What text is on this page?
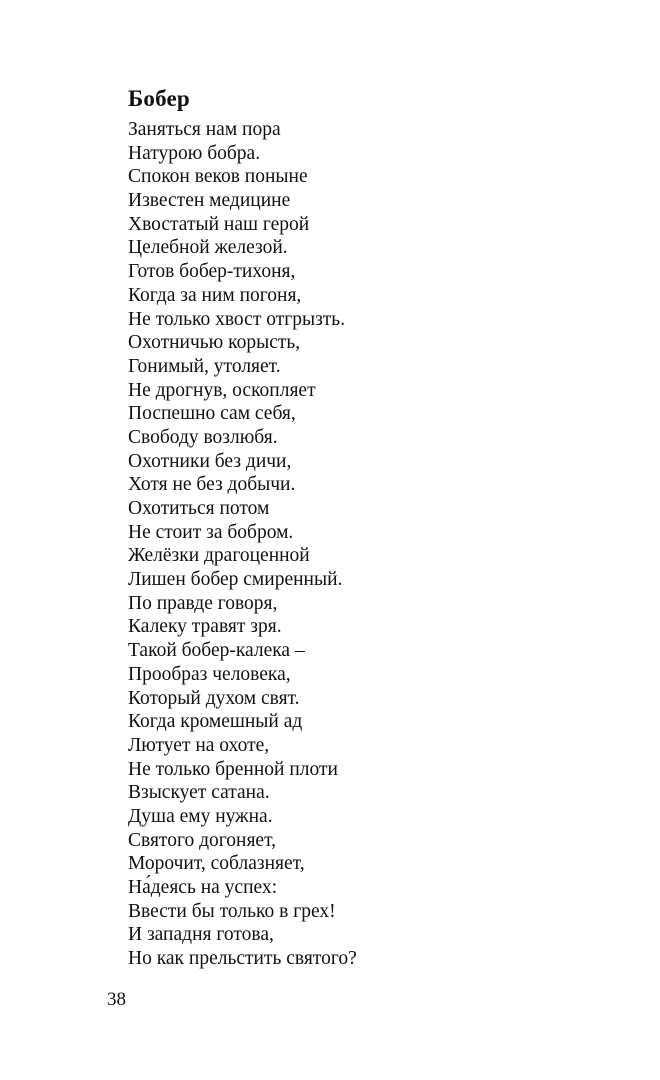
Бобер
Заняться нам пора
Натурою бобра.
Спокон веков поныне
Известен медицине
Хвостатый наш герой
Целебной железой.
Готов бобер-тихоня,
Когда за ним погоня,
Не только хвост отгрызть.
Охотничью корысть,
Гонимый, утоляет.
Не дрогнув, оскопляет
Поспешно сам себя,
Свободу возлюбя.
Охотники без дичи,
Хотя не без добычи.
Охотиться потом
Не стоит за бобром.
Желёзки драгоценной
Лишен бобер смиренный.
По правде говоря,
Калеку травят зря.
Такой бобер-калека –
Прообраз человека,
Который духом свят.
Когда кромешный ад
Лютует на охоте,
Не только бренной плоти
Взыскует сатана.
Душа ему нужна.
Святого догоняет,
Морочит, соблазняет,
На́деясь на успех:
Ввести бы только в грех!
И западня готова,
Но как прельстить святого?
38
